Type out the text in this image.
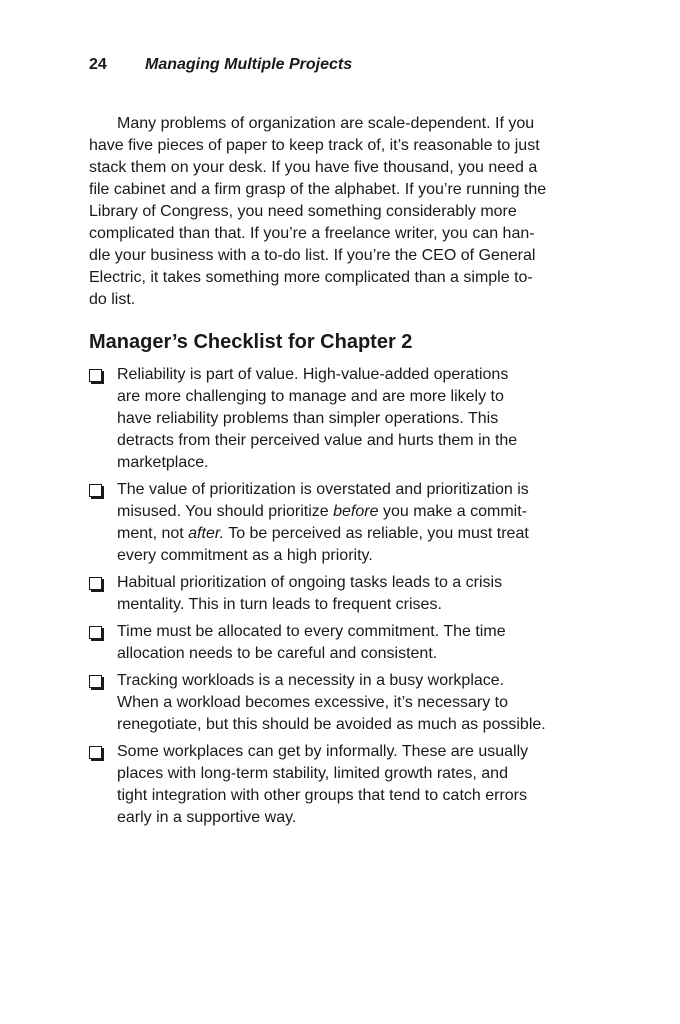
24 Managing Multiple Projects

Many problems of organization are scale-dependent. If you
have five pieces of paper to keep track of, it’s reasonable to just
stack them on your desk. If you have five thousand, you need a
file cabinet and a firm grasp of the alphabet. If you’re running the
Library of Congress, you need something considerably more
complicated than that. If you’re a freelance writer, you can han-
dle your business with a to-do list. If you’re the CEO of General
Electric, it takes something more complicated than a simple to-
do list.

Manager’s Checklist for Chapter 2
Reliability is part of value. High-value-added operations
are more challenging to manage and are more likely to
have reliability problems than simpler operations. This
detracts from their perceived value and hurts them in the
marketplace.
The value of prioritization is overstated and prioritization is
misused. You should prioritize before you make a commit-
ment, not after. To be perceived as reliable, you must treat
every commitment as a high priority.
Habitual prioritization of ongoing tasks leads to a crisis
mentality. This in turn leads to frequent crises.
Time must be allocated to every commitment. The time
allocation needs to be careful and consistent.
Tracking workloads is a necessity in a busy workplace.
When a workload becomes excessive, it’s necessary to
renegotiate, but this should be avoided as much as possible.
Some workplaces can get by informally. These are usually
places with long-term stability, limited growth rates, and
tight integration with other groups that tend to catch errors
early in a supportive way.
